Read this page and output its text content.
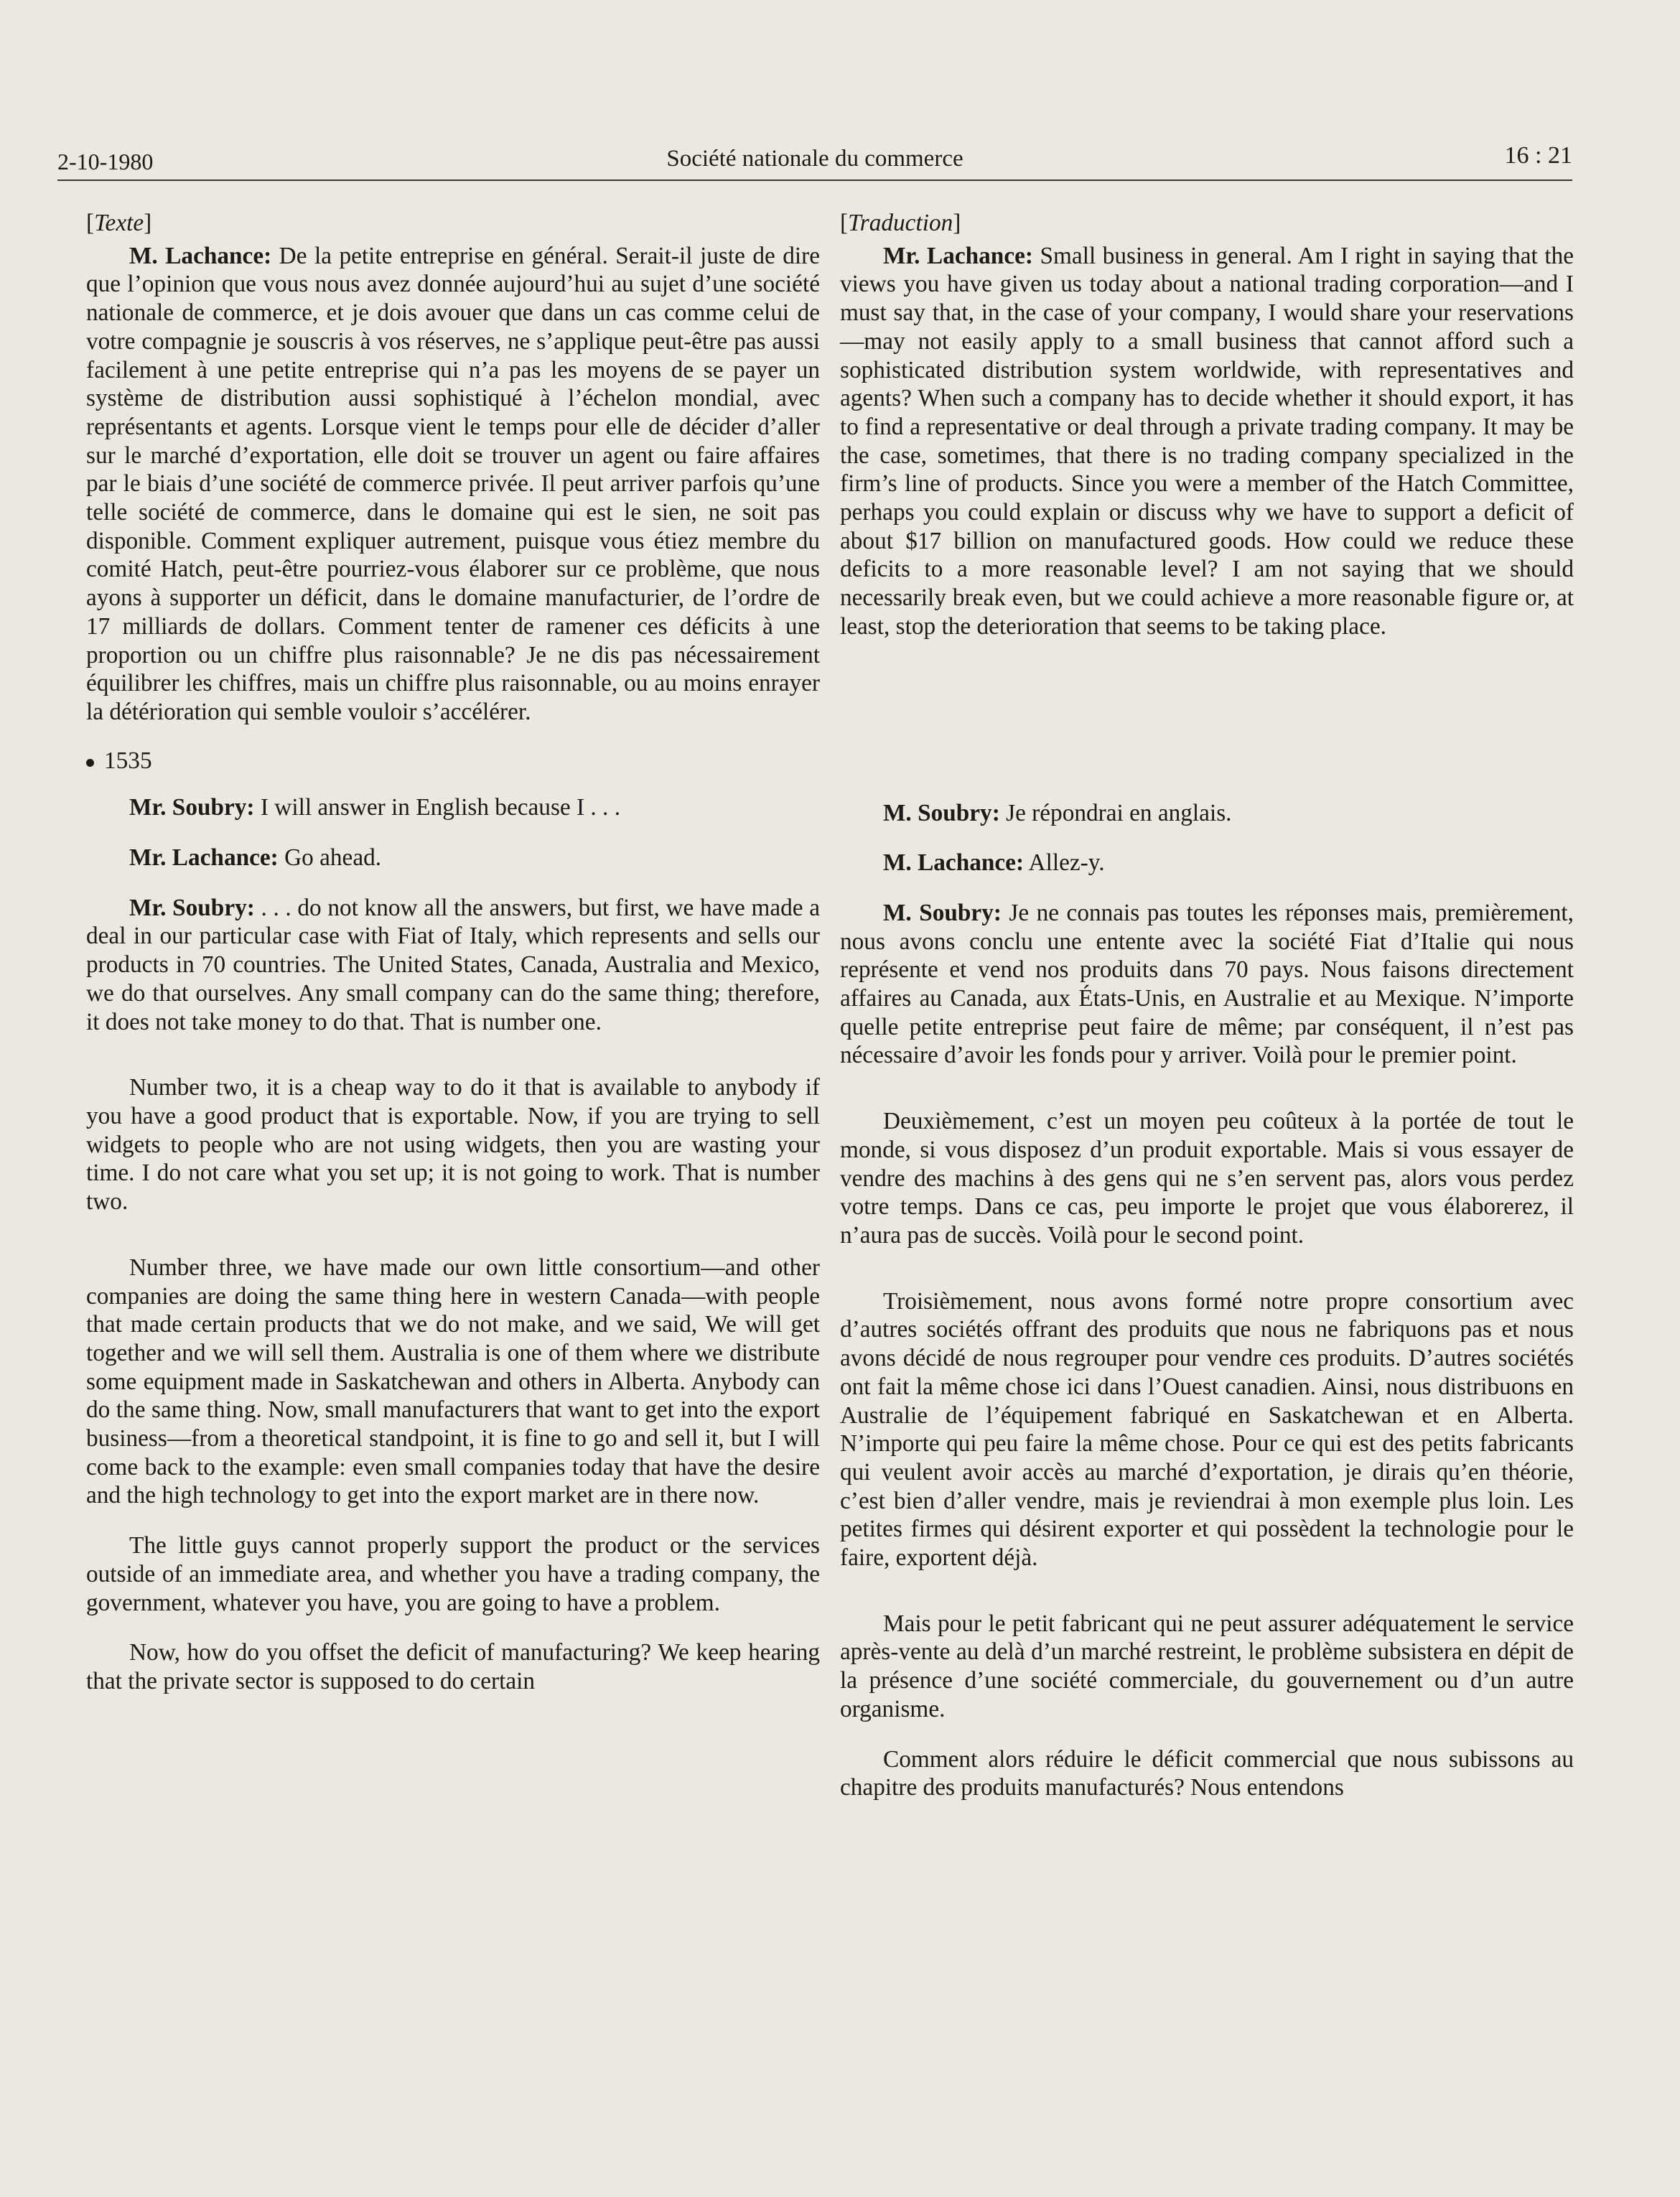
2-10-1980	Société nationale du commerce	16 : 21

[Texte]

M. Lachance: De la petite entreprise en général. Serait-il juste de dire que l’opinion que vous nous avez donnée aujourd’hui au sujet d’une société nationale de commerce, et je dois avouer que dans un cas comme celui de votre compagnie je souscris à vos réserves, ne s’applique peut-être pas aussi facilement à une petite entreprise qui n’a pas les moyens de se payer un système de distribution aussi sophistiqué à l’échelon mondial, avec représentants et agents. Lorsque vient le temps pour elle de décider d’aller sur le marché d’exportation, elle doit se trouver un agent ou faire affaires par le biais d’une société de commerce privée. Il peut arriver parfois qu’une telle société de commerce, dans le domaine qui est le sien, ne soit pas disponible. Comment expliquer autrement, puisque vous étiez membre du comité Hatch, peut-être pourriez-vous élaborer sur ce problème, que nous ayons à supporter un déficit, dans le domaine manufacturier, de l’ordre de 17 milliards de dollars. Comment tenter de ramener ces déficits à une proportion ou un chiffre plus raisonnable? Je ne dis pas nécessairement équilibrer les chiffres, mais un chiffre plus raisonnable, ou au moins enrayer la détérioration qui semble vouloir s’accélérer.

1535

Mr. Soubry: I will answer in English because I . . .

Mr. Lachance: Go ahead.

Mr. Soubry: . . . do not know all the answers, but first, we have made a deal in our particular case with Fiat of Italy, which represents and sells our products in 70 countries. The United States, Canada, Australia and Mexico, we do that ourselves. Any small company can do the same thing; therefore, it does not take money to do that. That is number one.

Number two, it is a cheap way to do it that is available to anybody if you have a good product that is exportable. Now, if you are trying to sell widgets to people who are not using widgets, then you are wasting your time. I do not care what you set up; it is not going to work. That is number two.

Number three, we have made our own little consortium—and other companies are doing the same thing here in western Canada—with people that made certain products that we do not make, and we said, We will get together and we will sell them. Australia is one of them where we distribute some equipment made in Saskatchewan and others in Alberta. Anybody can do the same thing. Now, small manufacturers that want to get into the export business—from a theoretical standpoint, it is fine to go and sell it, but I will come back to the example: even small companies today that have the desire and the high technology to get into the export market are in there now.

The little guys cannot properly support the product or the services outside of an immediate area, and whether you have a trading company, the government, whatever you have, you are going to have a problem.

Now, how do you offset the deficit of manufacturing? We keep hearing that the private sector is supposed to do certain

[Traduction]

Mr. Lachance: Small business in general. Am I right in saying that the views you have given us today about a national trading corporation—and I must say that, in the case of your company, I would share your reservations—may not easily apply to a small business that cannot afford such a sophisticated distribution system worldwide, with representatives and agents? When such a company has to decide whether it should export, it has to find a representative or deal through a private trading company. It may be the case, sometimes, that there is no trading company specialized in the firm’s line of products. Since you were a member of the Hatch Committee, perhaps you could explain or discuss why we have to support a deficit of about $17 billion on manufactured goods. How could we reduce these deficits to a more reasonable level? I am not saying that we should necessarily break even, but we could achieve a more reasonable figure or, at least, stop the deterioration that seems to be taking place.

M. Soubry: Je répondrai en anglais.

M. Lachance: Allez-y.

M. Soubry: Je ne connais pas toutes les réponses mais, premièrement, nous avons conclu une entente avec la société Fiat d’Italie qui nous représente et vend nos produits dans 70 pays. Nous faisons directement affaires au Canada, aux États-Unis, en Australie et au Mexique. N’importe quelle petite entreprise peut faire de même; par conséquent, il n’est pas nécessaire d’avoir les fonds pour y arriver. Voilà pour le premier point.

Deuxièmement, c’est un moyen peu coûteux à la portée de tout le monde, si vous disposez d’un produit exportable. Mais si vous essayer de vendre des machins à des gens qui ne s’en servent pas, alors vous perdez votre temps. Dans ce cas, peu importe le projet que vous élaborerez, il n’aura pas de succès. Voilà pour le second point.

Troisièmement, nous avons formé notre propre consortium avec d’autres sociétés offrant des produits que nous ne fabriquons pas et nous avons décidé de nous regrouper pour vendre ces produits. D’autres sociétés ont fait la même chose ici dans l’Ouest canadien. Ainsi, nous distribuons en Australie de l’équipement fabriqué en Saskatchewan et en Alberta. N’importe qui peu faire la même chose. Pour ce qui est des petits fabricants qui veulent avoir accès au marché d’exportation, je dirais qu’en théorie, c’est bien d’aller vendre, mais je reviendrai à mon exemple plus loin. Les petites firmes qui désirent exporter et qui possèdent la technologie pour le faire, exportent déjà.

Mais pour le petit fabricant qui ne peut assurer adéquatement le service après-vente au delà d’un marché restreint, le problème subsistera en dépit de la présence d’une société commerciale, du gouvernement ou d’un autre organisme.

Comment alors réduire le déficit commercial que nous subissons au chapitre des produits manufacturés? Nous entendons
